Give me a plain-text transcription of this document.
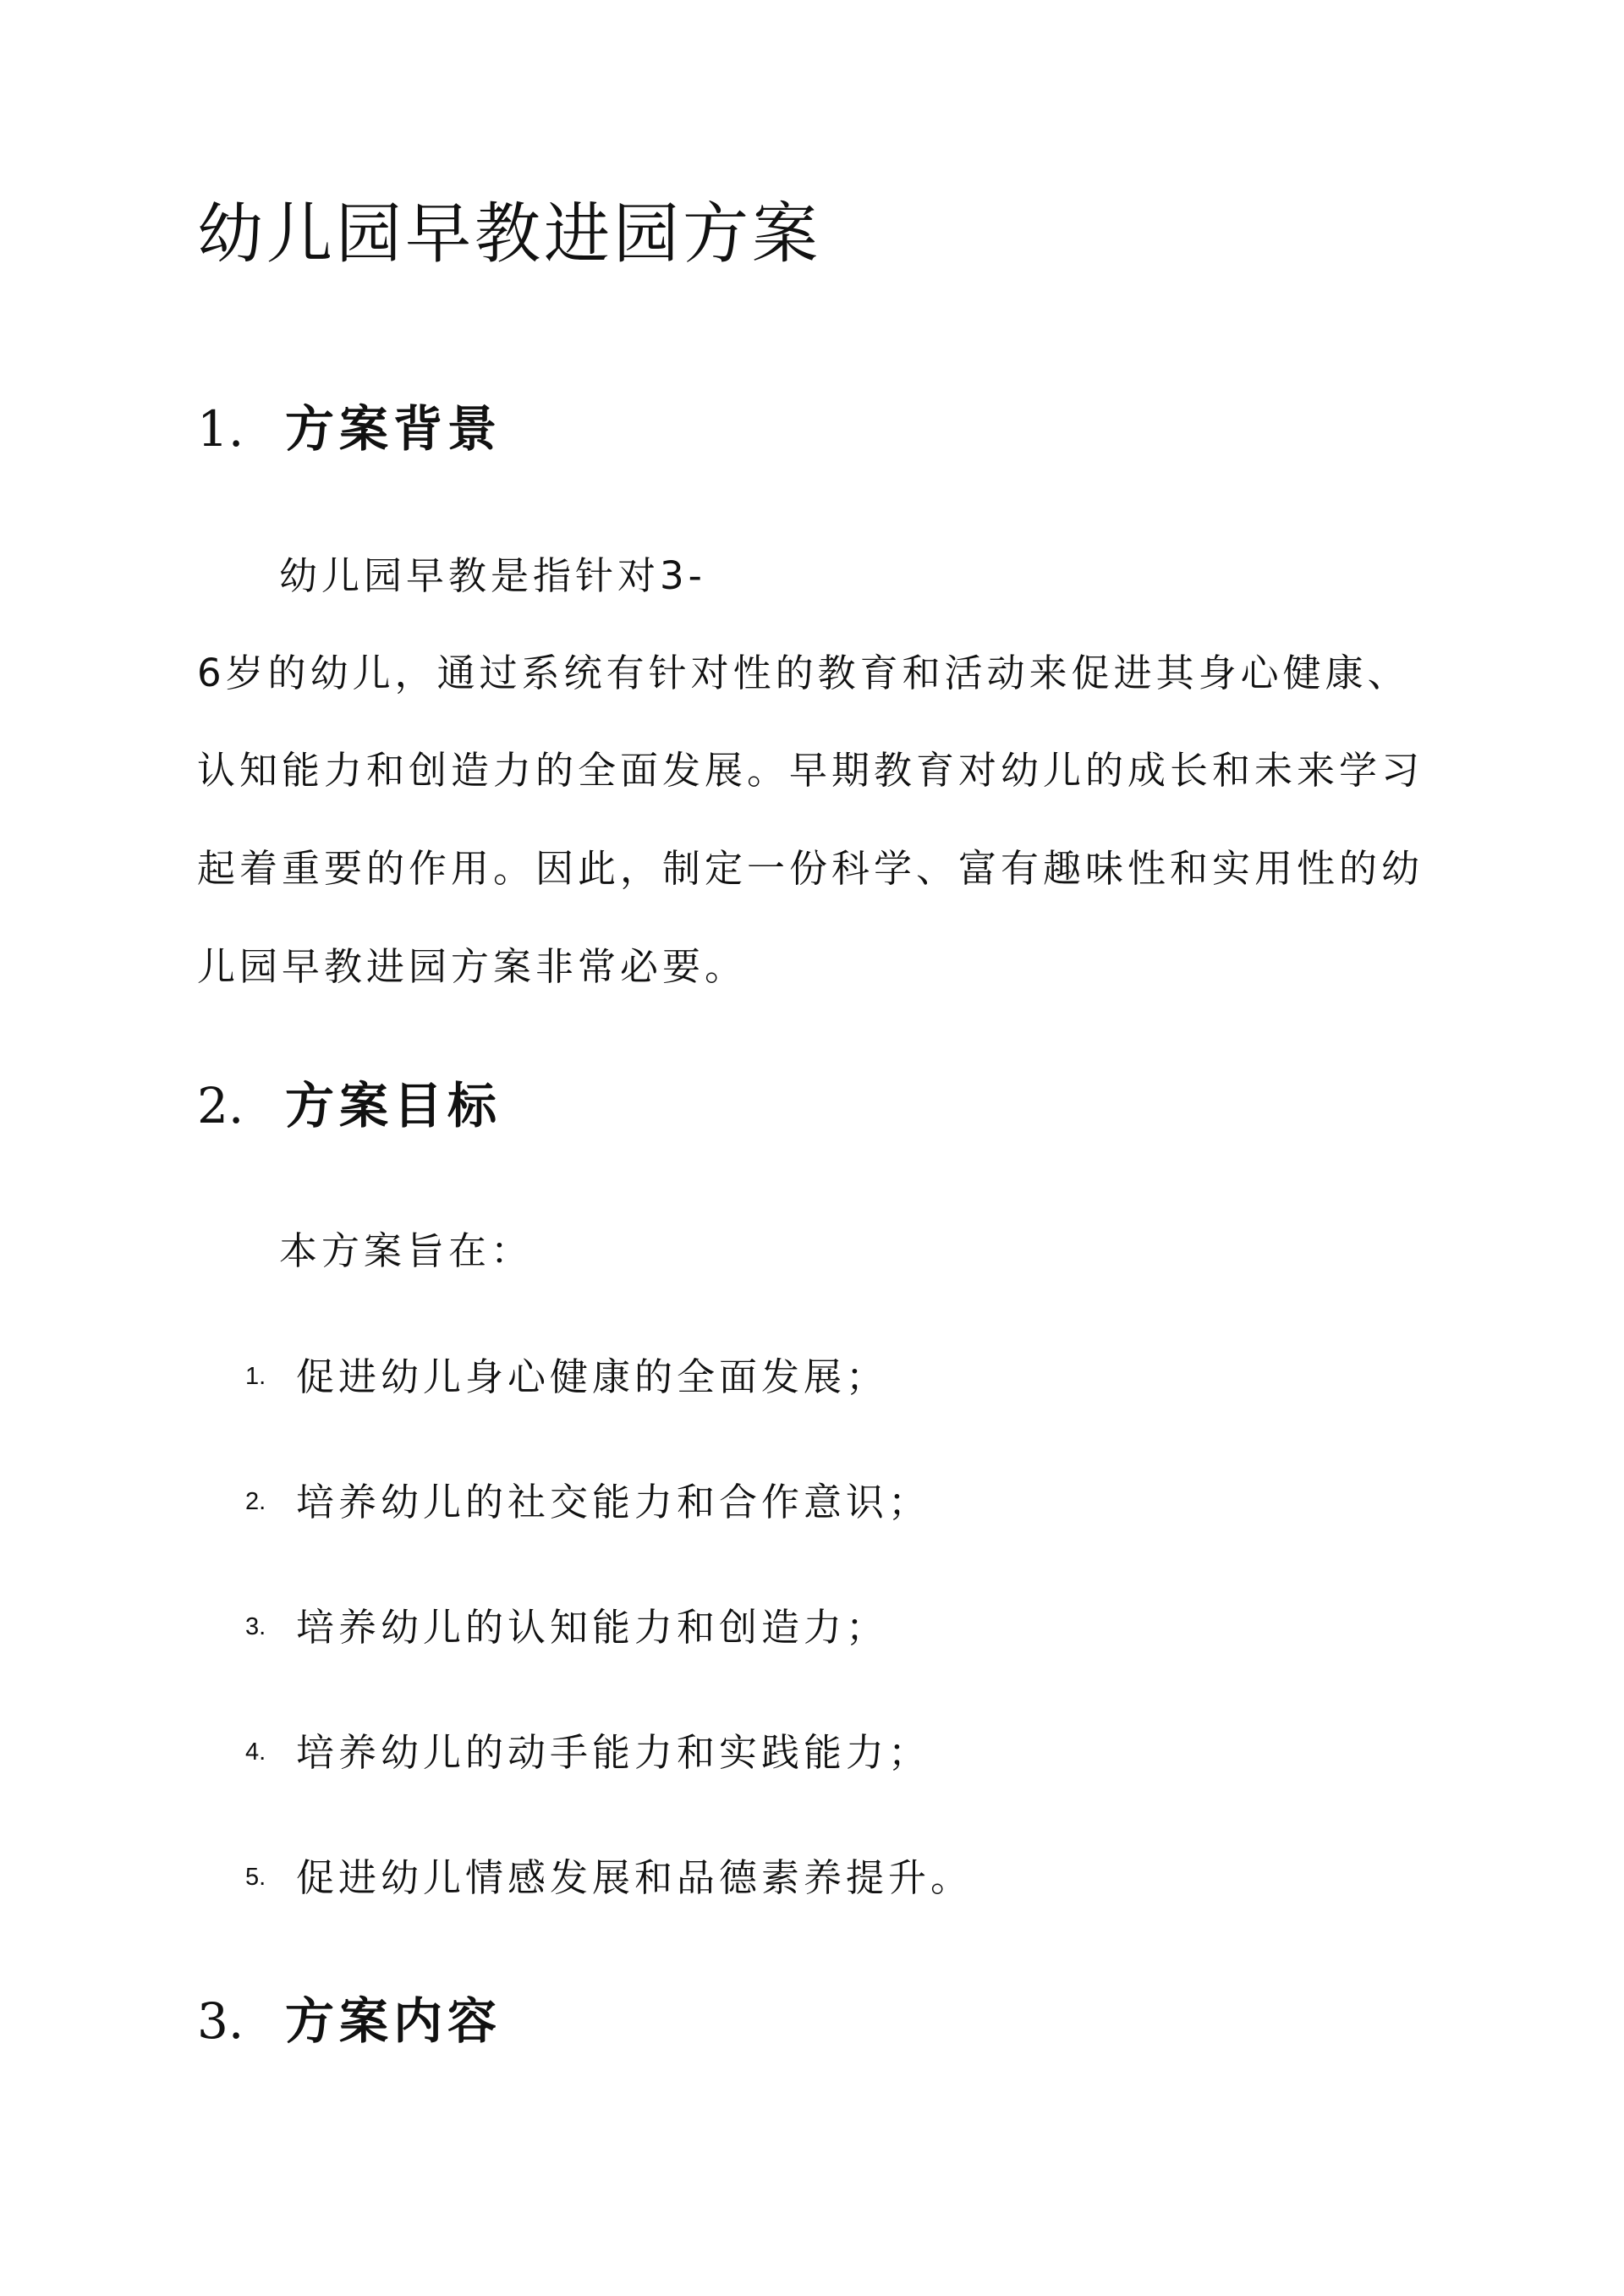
幼儿园早教进园方案
1. 方案背景

幼儿园早教是指针对3-

6岁的幼儿，通过系统有针对性的教育和活动来促进其身心健康、

认知能力和创造力的全面发展。早期教育对幼儿的成长和未来学习

起着重要的作用。因此，制定一份科学、富有趣味性和实用性的幼

儿园早教进园方案非常必要。

2. 方案目标

本方案旨在：

1. 促进幼儿身心健康的全面发展；

2. 培养幼儿的社交能力和合作意识；

3. 培养幼儿的认知能力和创造力；

4. 培养幼儿的动手能力和实践能力；

5. 促进幼儿情感发展和品德素养提升。

3. 方案内容
